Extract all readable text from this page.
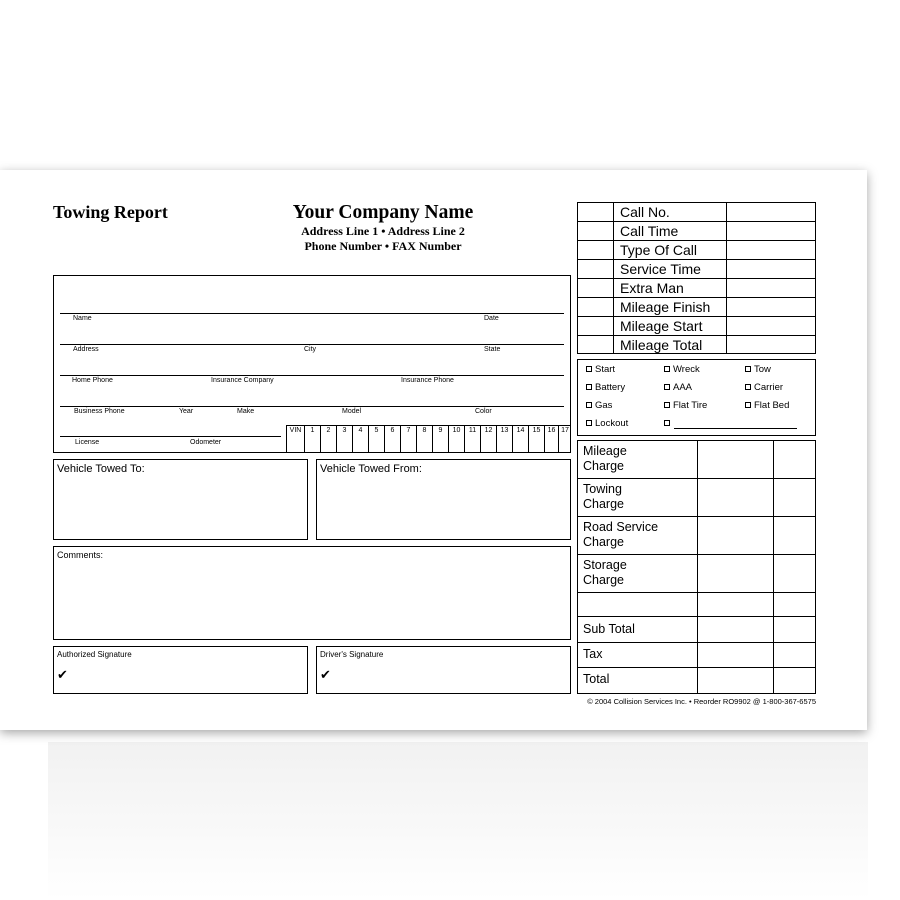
Towing Report	Your Company Name
Address Line 1 • Address Line 2
Phone Number • FAX Number
Name	Date
Address	City	State
Home Phone	Insurance Company	Insurance Phone
Business Phone	Year	Make	Model	Color
License	Odometer
VIN	1	2	3	4	5	6	7	8	9	10	11	12	13	14	15	16 17
Vehicle Towed To:	Vehicle Towed From:
Comments:
Authorized Signature
✔
Driver's Signature
✔
Call No.
Call Time
Type Of Call
Service Time
Extra Man
Mileage Finish
Mileage Start
Mileage Total
Start	Wreck	Tow
Battery	AAA	Carrier
Gas	Flat Tire	Flat Bed
Lockout
Mileage
Charge
Towing
Charge
Road Service
Charge
Storage
Charge
Sub Total
Tax
Total
© 2004 Collision Services Inc. • Reorder RO9902 @ 1-800-367-6575
